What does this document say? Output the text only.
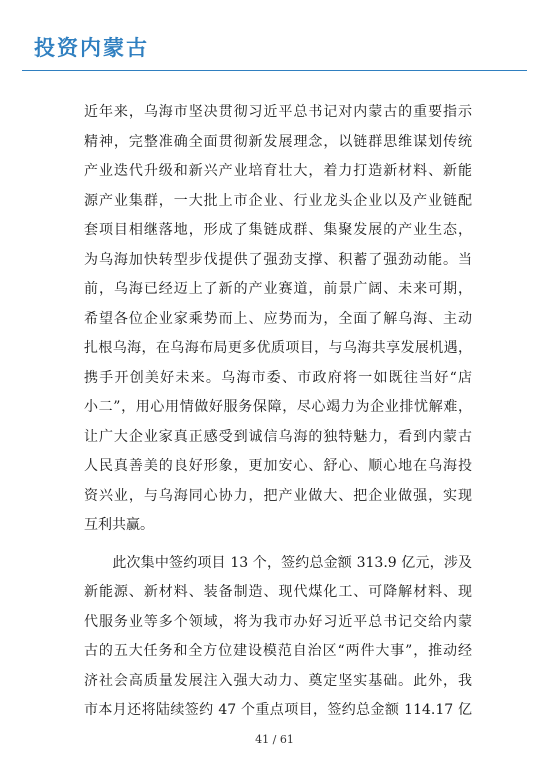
投资内蒙古
近年来，乌海市坚决贯彻习近平总书记对内蒙古的重要指示
精神，完整准确全面贯彻新发展理念，以链群思维谋划传统
产业迭代升级和新兴产业培育壮大，着力打造新材料、新能
源产业集群，一大批上市企业、行业龙头企业以及产业链配
套项目相继落地，形成了集链成群、集聚发展的产业生态，
为乌海加快转型步伐提供了强劲支撑、积蓄了强劲动能。当
前，乌海已经迈上了新的产业赛道，前景广阔、未来可期，
希望各位企业家乘势而上、应势而为，全面了解乌海、主动
扎根乌海，在乌海布局更多优质项目，与乌海共享发展机遇，
携手开创美好未来。乌海市委、市政府将一如既往当好“店
小二”，用心用情做好服务保障，尽心竭力为企业排忧解难，
让广大企业家真正感受到诚信乌海的独特魅力，看到内蒙古
人民真善美的良好形象，更加安心、舒心、顺心地在乌海投
资兴业，与乌海同心协力，把产业做大、把企业做强，实现
互利共赢。
　　此次集中签约项目 13 个，签约总金额 313.9 亿元，涉及
新能源、新材料、装备制造、现代煤化工、可降解材料、现
代服务业等多个领域，将为我市办好习近平总书记交给内蒙
古的五大任务和全方位建设模范自治区“两件大事”，推动经
济社会高质量发展注入强大动力、奠定坚实基础。此外，我
市本月还将陆续签约 47 个重点项目，签约总金额 114.17 亿
41 / 61
